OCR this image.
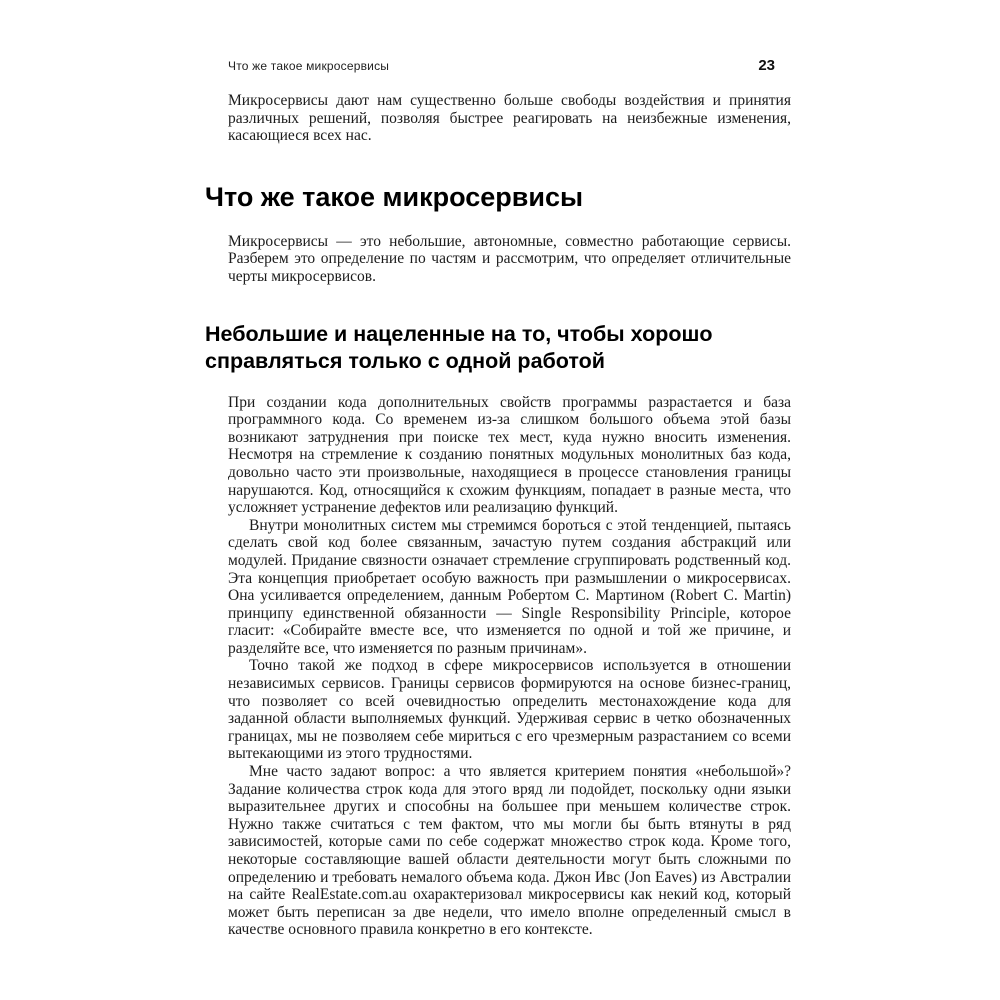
Что же такое микросервисы	23

Микросервисы дают нам существенно больше свободы воздействия и принятия различных решений, позволяя быстрее реагировать на неизбежные изменения, касающиеся всех нас.

Что же такое микросервисы

Микросервисы — это небольшие, автономные, совместно работающие сервисы. Разберем это определение по частям и рассмотрим, что определяет отличительные черты микросервисов.

Небольшие и нацеленные на то, чтобы хорошо справляться только с одной работой

При создании кода дополнительных свойств программы разрастается и база программного кода. Со временем из-за слишком большого объема этой базы возникают затруднения при поиске тех мест, куда нужно вносить изменения. Несмотря на стремление к созданию понятных модульных монолитных баз кода, довольно часто эти произвольные, находящиеся в процессе становления границы нарушаются. Код, относящийся к схожим функциям, попадает в разные места, что усложняет устранение дефектов или реализацию функций.

Внутри монолитных систем мы стремимся бороться с этой тенденцией, пытаясь сделать свой код более связанным, зачастую путем создания абстракций или модулей. Придание связности означает стремление сгруппировать родственный код. Эта концепция приобретает особую важность при размышлении о микросервисах. Она усиливается определением, данным Робертом С. Мартином (Robert C. Martin) принципу единственной обязанности — Single Responsibility Principle, которое гласит: «Собирайте вместе все, что изменяется по одной и той же причине, и разделяйте все, что изменяется по разным причинам».

Точно такой же подход в сфере микросервисов используется в отношении независимых сервисов. Границы сервисов формируются на основе бизнес-границ, что позволяет со всей очевидностью определить местонахождение кода для заданной области выполняемых функций. Удерживая сервис в четко обозначенных границах, мы не позволяем себе мириться с его чрезмерным разрастанием со всеми вытекающими из этого трудностями.

Мне часто задают вопрос: а что является критерием понятия «небольшой»? Задание количества строк кода для этого вряд ли подойдет, поскольку одни языки выразительнее других и способны на большее при меньшем количестве строк. Нужно также считаться с тем фактом, что мы могли бы быть втянуты в ряд зависимостей, которые сами по себе содержат множество строк кода. Кроме того, некоторые составляющие вашей области деятельности могут быть сложными по определению и требовать немалого объема кода. Джон Ивс (Jon Eaves) из Австралии на сайте RealEstate.com.au охарактеризовал микросервисы как некий код, который может быть переписан за две недели, что имело вполне определенный смысл в качестве основного правила конкретно в его контексте.
